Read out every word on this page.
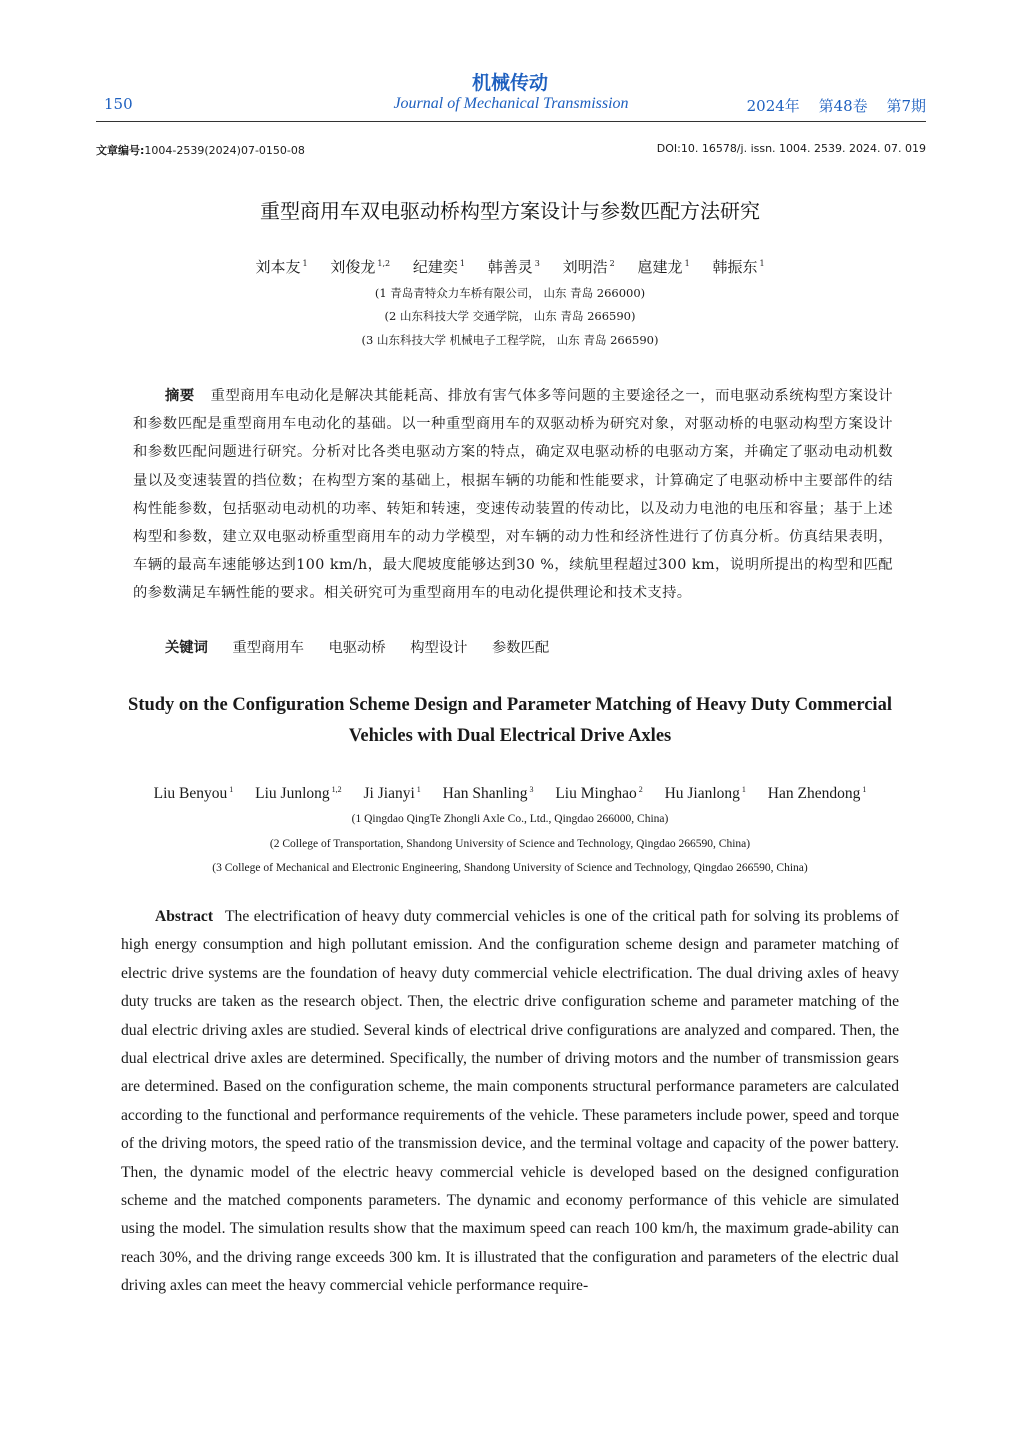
机械传动
150	Journal of Mechanical Transmission	2024年 第48卷 第7期
文章编号:1004-2539(2024)07-0150-08	DOI:10. 16578/j. issn. 1004. 2539. 2024. 07. 019
重型商用车双电驱动桥构型方案设计与参数匹配方法研究
刘本友 $^1$ 刘俊龙 $^{1,2}$ 纪建奕 $^1$ 韩善灵 $^3$ 刘明浩 $^2$ 扈建龙 $^1$ 韩振东 $^1$
(1 青岛青特众力车桥有限公司， 山东 青岛 266000)
(2 山东科技大学 交通学院， 山东 青岛 266590)
(3 山东科技大学 机械电子工程学院， 山东 青岛 266590)
摘要 重型商用车电动化是解决其能耗高、排放有害气体多等问题的主要途径之一，而电驱动系统构型方案设计和参数匹配是重型商用车电动化的基础。以一种重型商用车的双驱动桥为研究对象，对驱动桥的电驱动构型方案设计和参数匹配问题进行研究。分析对比各类电驱动方案的特点，确定双电驱动桥的电驱动方案，并确定了驱动电动机数量以及变速装置的挡位数；在构型方案的基础上，根据车辆的功能和性能要求，计算确定了电驱动桥中主要部件的结构性能参数，包括驱动电动机的功率、转矩和转速，变速传动装置的传动比，以及动力电池的电压和容量；基于上述构型和参数，建立双电驱动桥重型商用车的动力学模型，对车辆的动力性和经济性进行了仿真分析。仿真结果表明，车辆的最高车速能够达到100 km/h，最大爬坡度能够达到30 %，续航里程超过300 km，说明所提出的构型和匹配的参数满足车辆性能的要求。相关研究可为重型商用车的电动化提供理论和技术支持。
关键词 重型商用车 电驱动桥 构型设计 参数匹配
Study on the Configuration Scheme Design and Parameter Matching of Heavy Duty Commercial Vehicles with Dual Electrical Drive Axles
Liu Benyou $^1$ Liu Junlong $^{1,2}$ Ji Jianyi $^1$ Han Shanling $^3$ Liu Minghao $^2$ Hu Jianlong $^1$ Han Zhendong $^1$
(1 Qingdao QingTe Zhongli Axle Co., Ltd., Qingdao 266000, China)
(2 College of Transportation, Shandong University of Science and Technology, Qingdao 266590, China)
(3 College of Mechanical and Electronic Engineering, Shandong University of Science and Technology, Qingdao 266590, China)
Abstract The electrification of heavy duty commercial vehicles is one of the critical path for solving its problems of high energy consumption and high pollutant emission. And the configuration scheme design and parameter matching of electric drive systems are the foundation of heavy duty commercial vehicle electrification. The dual driving axles of heavy duty trucks are taken as the research object. Then, the electric drive configuration scheme and parameter matching of the dual electric driving axles are studied. Several kinds of electrical drive configurations are analyzed and compared. Then, the dual electrical drive axles are determined. Specifically, the number of driving motors and the number of transmission gears are determined. Based on the configuration scheme, the main components structural performance parameters are calculated according to the functional and performance requirements of the vehicle. These parameters include power, speed and torque of the driving motors, the speed ratio of the transmission device, and the terminal voltage and capacity of the power battery. Then, the dynamic model of the electric heavy commercial vehicle is developed based on the designed configuration scheme and the matched components parameters. The dynamic and economy performance of this vehicle are simulated using the model. The simulation results show that the maximum speed can reach 100 km/h, the maximum grade-ability can reach 30%, and the driving range exceeds 300 km. It is illustrated that the configuration and parameters of the electric dual driving axles can meet the heavy commercial vehicle performance require-
